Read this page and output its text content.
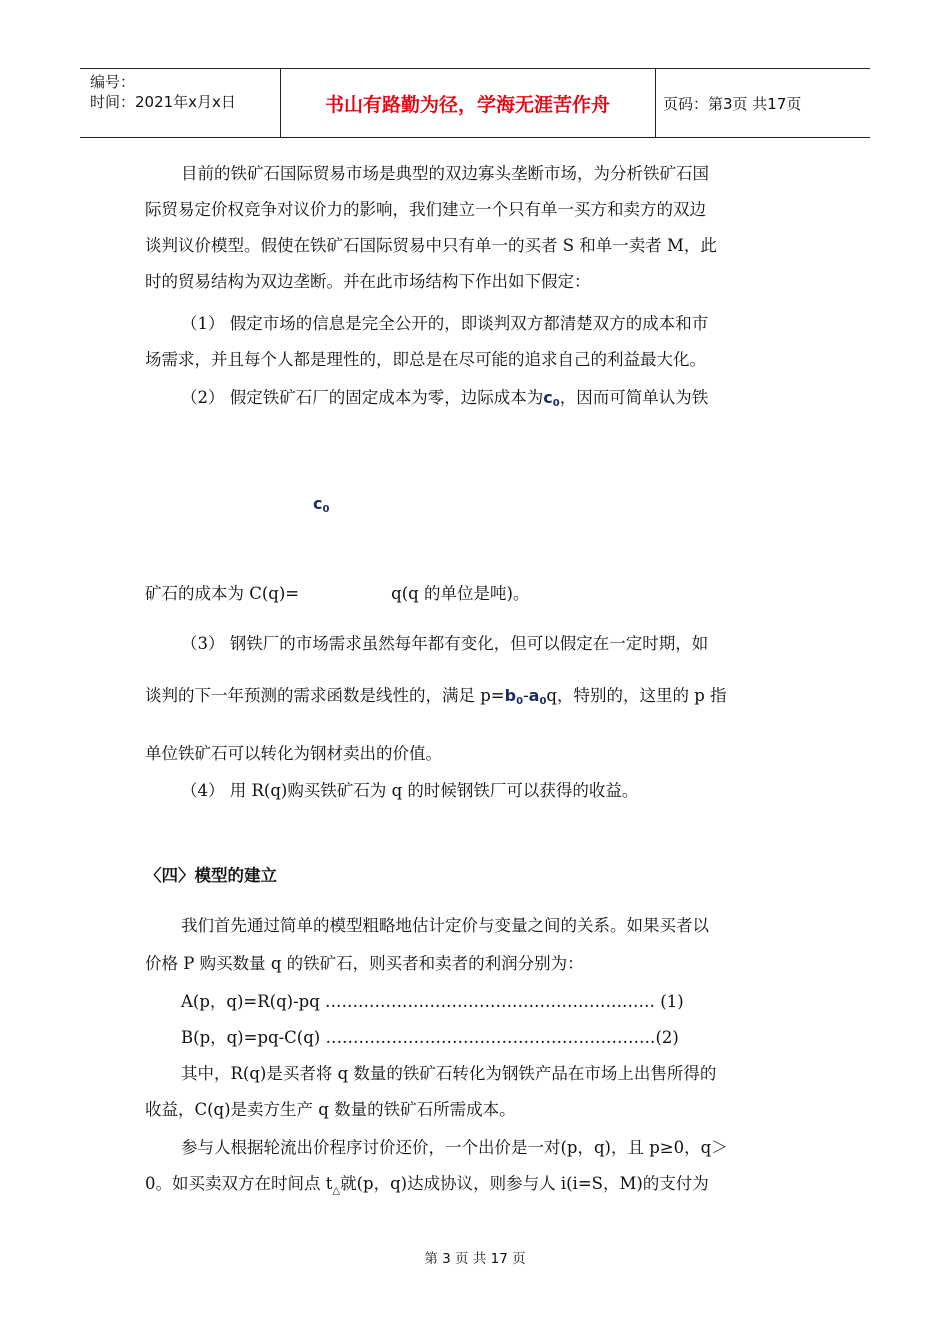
编号：
时间：2021年x月x日	书山有路勤为径，学海无涯苦作舟	页码：第3页 共17页
目前的铁矿石国际贸易市场是典型的双边寡头垄断市场，为分析铁矿石国
际贸易定价权竞争对议价力的影响，我们建立一个只有单一买方和卖方的双边
谈判议价模型。假使在铁矿石国际贸易中只有单一的买者 S 和单一卖者 M，此
时的贸易结构为双边垄断。并在此市场结构下作出如下假定：
（1） 假定市场的信息是完全公开的，即谈判双方都清楚双方的成本和市
场需求，并且每个人都是理性的，即总是在尽可能的追求自己的利益最大化。
（2） 假定铁矿石厂的固定成本为零，边际成本为$c_0$，因而可简单认为铁
$c_0$
矿石的成本为 C(q)=	q(q 的单位是吨)。
（3） 钢铁厂的市场需求虽然每年都有变化，但可以假定在一定时期，如
谈判的下一年预测的需求函数是线性的，满足 $p=b_0-a_0q$，特别的，这里的 p 指
单位铁矿石可以转化为钢材卖出的价值。
（4） 用 R(q)购买铁矿石为 q 的时候钢铁厂可以获得的收益。
〈四〉模型的建立
我们首先通过简单的模型粗略地估计定价与变量之间的关系。如果买者以
价格 P 购买数量 q 的铁矿石，则买者和卖者的利润分别为：
A(p，q)=R(q)-pq …………………………………………………… (1)
B(p，q)=pq-C(q) ……………………………………………………(2)
其中，R(q)是买者将 q 数量的铁矿石转化为钢铁产品在市场上出售所得的
收益，C(q)是卖方生产 q 数量的铁矿石所需成本。
参与人根据轮流出价程序讨价还价，一个出价是一对(p，q)，且 p≥0，q＞
0。如买卖双方在时间点 $t_\triangle$就(p，q)达成协议，则参与人 i(i=S，M)的支付为
第 3 页 共 17 页
